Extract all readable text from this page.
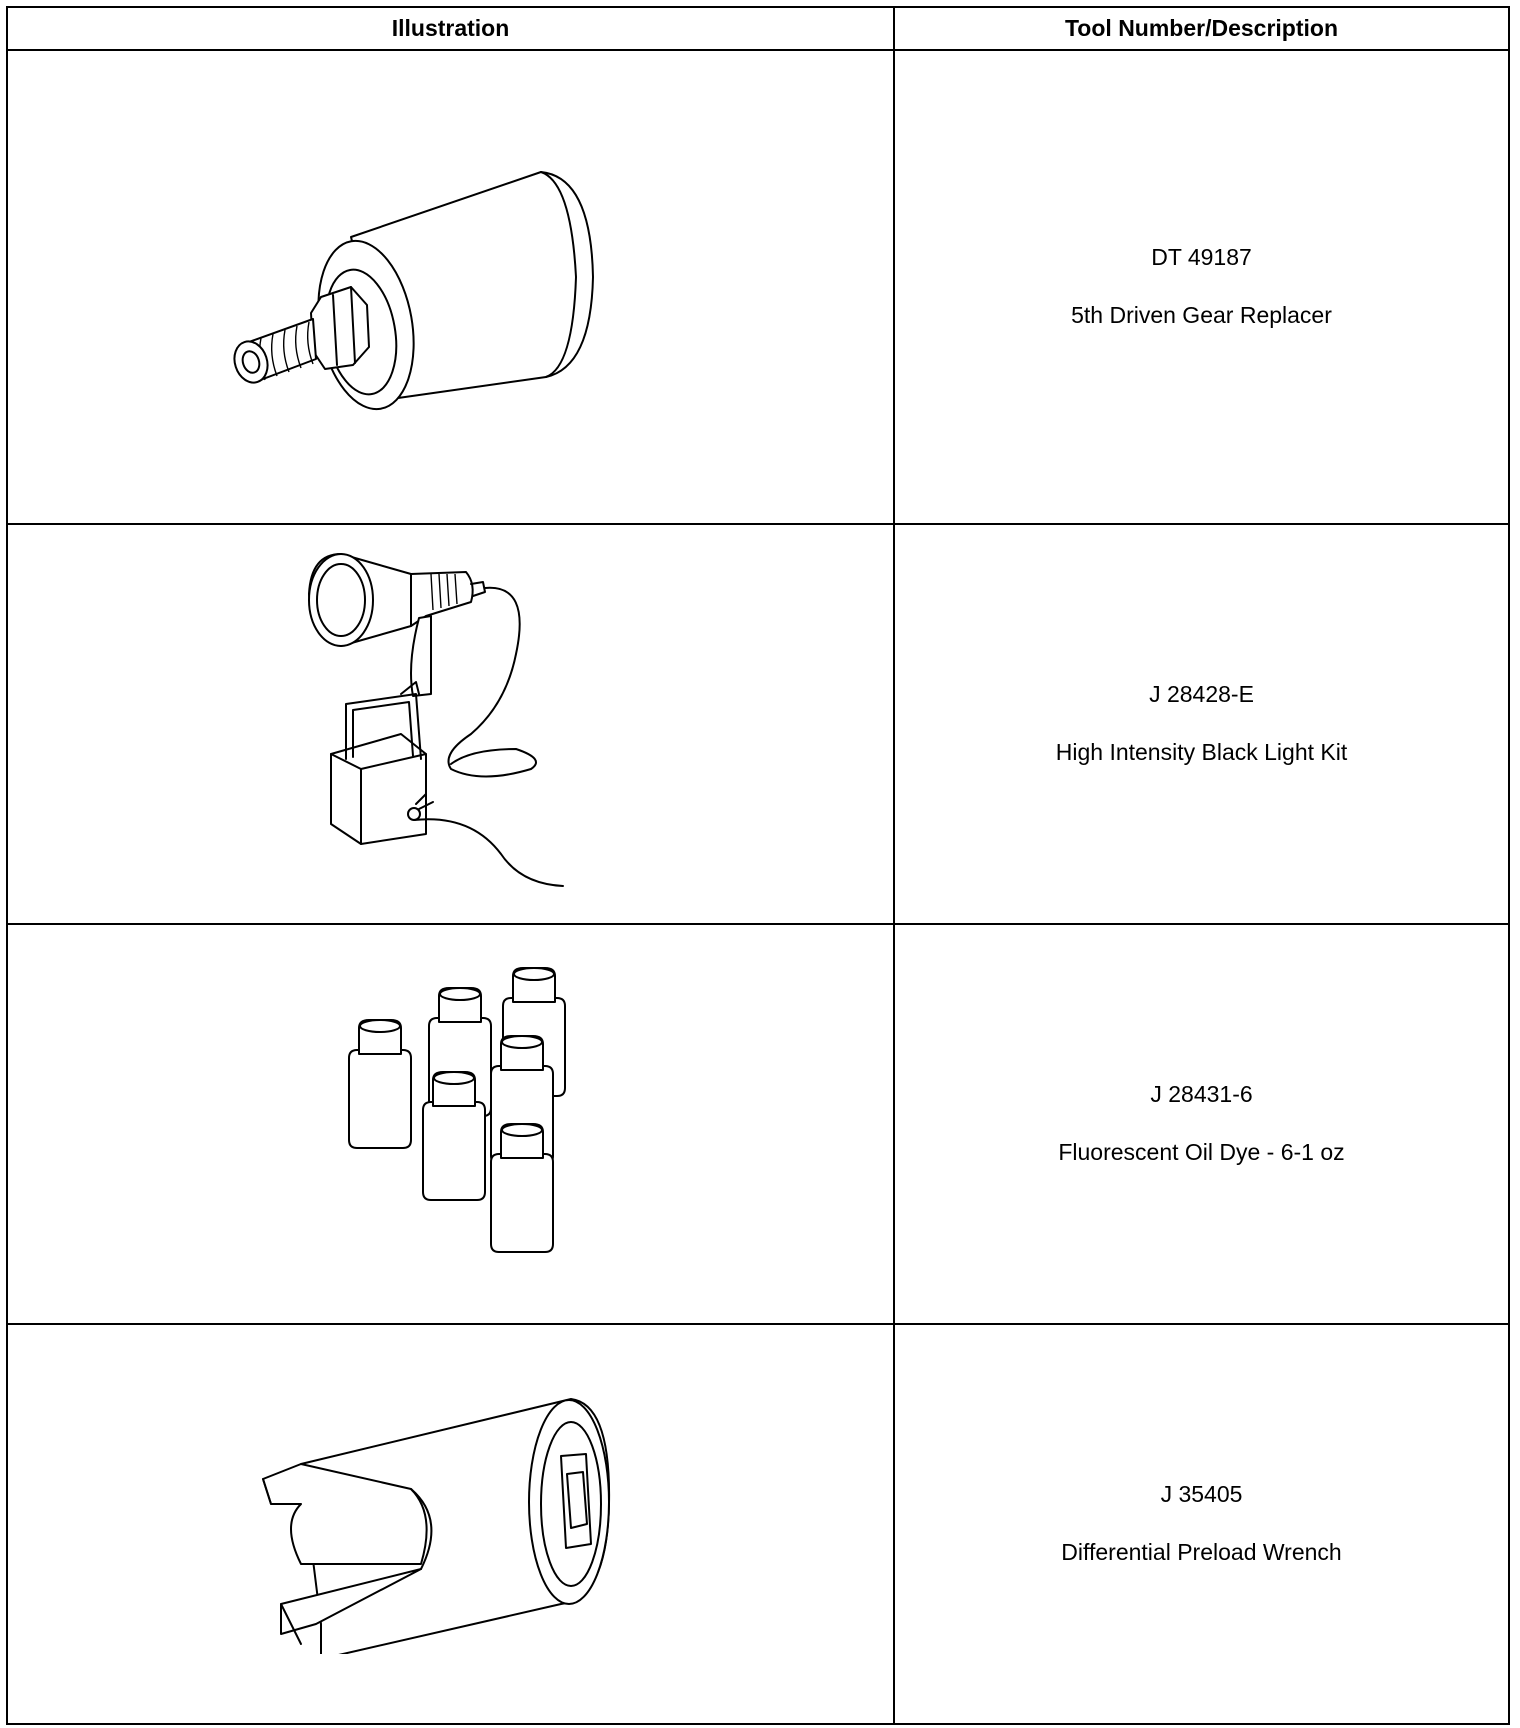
Illustration	Tool Number/Description

DT 49187
5th Driven Gear Replacer

J 28428-E
High Intensity Black Light Kit

J 28431-6
Fluorescent Oil Dye - 6-1 oz

J 35405
Differential Preload Wrench
